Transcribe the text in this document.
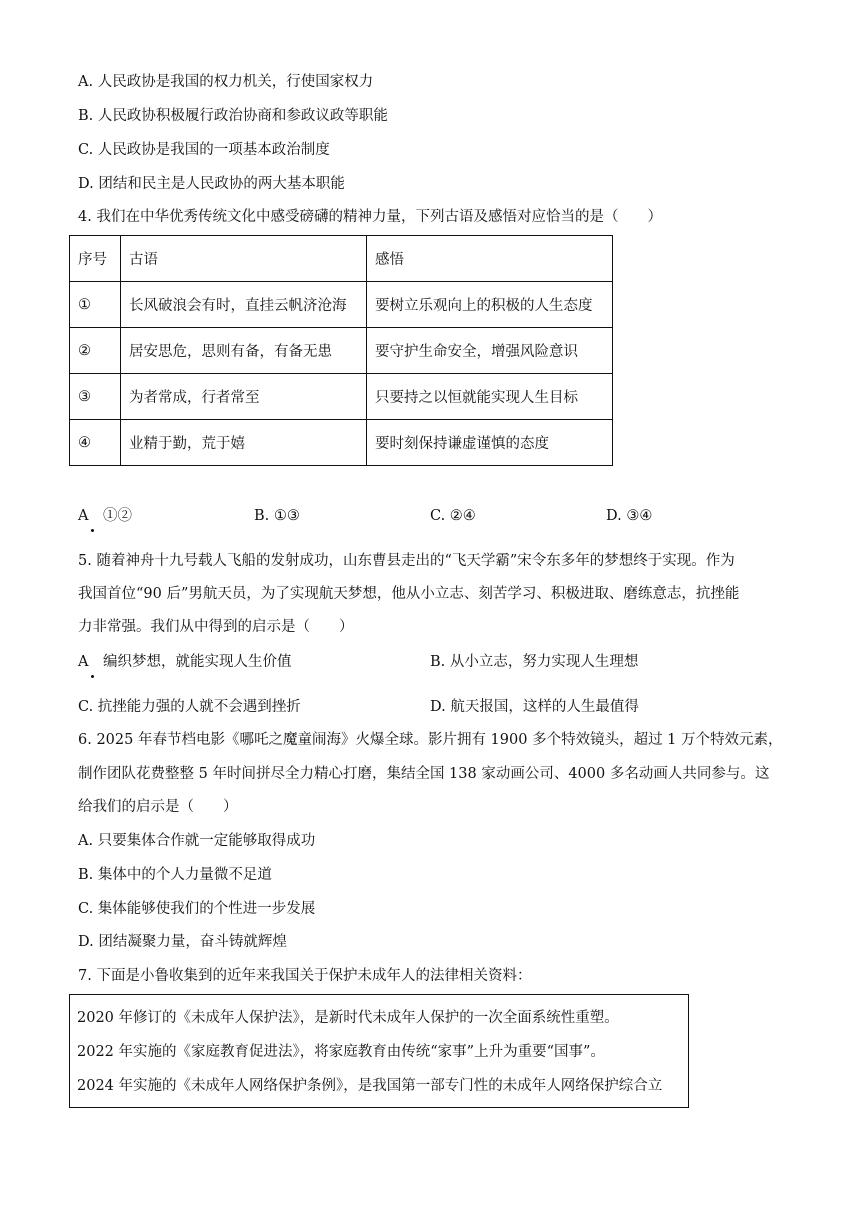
A. 人民政协是我国的权力机关，行使国家权力
B. 人民政协积极履行政治协商和参政议政等职能
C. 人民政协是我国的一项基本政治制度
D. 团结和民主是人民政协的两大基本职能
4. 我们在中华优秀传统文化中感受磅礴的精神力量，下列古语及感悟对应恰当的是（　　）
序号	古语	感悟
①	长风破浪会有时，直挂云帆济沧海	要树立乐观向上的积极的人生态度
②	居安思危，思则有备，有备无患	要守护生命安全，增强风险意识
③	为者常成，行者常至	只要持之以恒就能实现人生目标
④	业精于勤，荒于嬉	要时刻保持谦虚谨慎的态度
A　①②	B. ①③	C. ②④	D. ③④
5. 随着神舟十九号载人飞船的发射成功，山东曹县走出的“飞天学霸”宋令东多年的梦想终于实现。作为
我国首位“90 后”男航天员，为了实现航天梦想，他从小立志、刻苦学习、积极进取、磨练意志，抗挫能
力非常强。我们从中得到的启示是（　　）
A　编织梦想，就能实现人生价值	B. 从小立志，努力实现人生理想
C. 抗挫能力强的人就不会遇到挫折	D. 航天报国，这样的人生最值得
6. 2025 年春节档电影《哪吒之魔童闹海》火爆全球。影片拥有 1900 多个特效镜头，超过 1 万个特效元素，
制作团队花费整整 5 年时间拼尽全力精心打磨，集结全国 138 家动画公司、4000 多名动画人共同参与。这
给我们的启示是（　　）
A. 只要集体合作就一定能够取得成功
B. 集体中的个人力量微不足道
C. 集体能够使我们的个性进一步发展
D. 团结凝聚力量，奋斗铸就辉煌
7. 下面是小鲁收集到的近年来我国关于保护未成年人的法律相关资料：
2020 年修订的《未成年人保护法》，是新时代未成年人保护的一次全面系统性重塑。
2022 年实施的《家庭教育促进法》，将家庭教育由传统“家事”上升为重要“国事”。
2024 年实施的《未成年人网络保护条例》，是我国第一部专门性的未成年人网络保护综合立
